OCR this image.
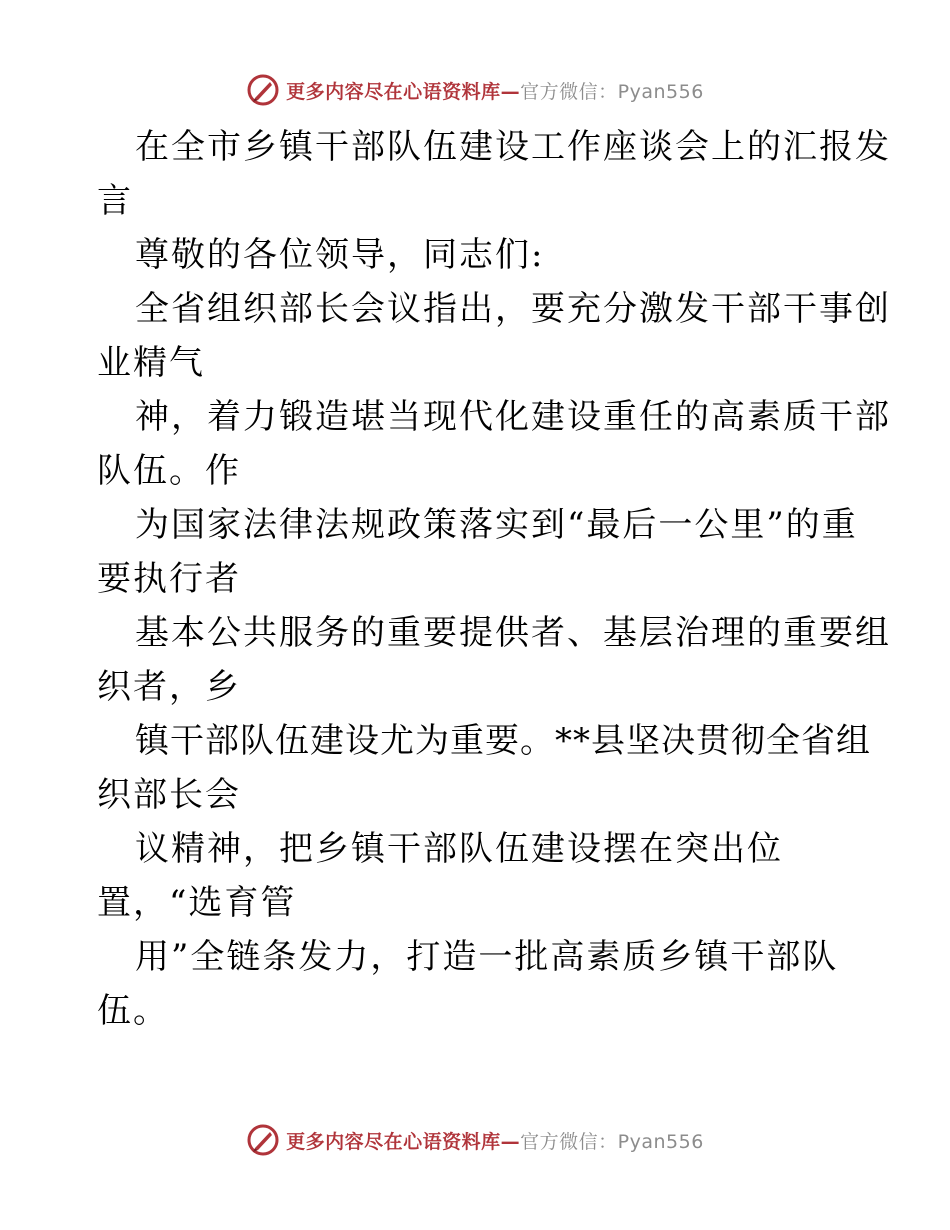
更多内容尽在心语资料库—官方微信：Pyan556
在全市乡镇干部队伍建设工作座谈会上的汇报发
言
尊敬的各位领导，同志们:
全省组织部长会议指出，要充分激发干部干事创
业精气
神，着力锻造堪当现代化建设重任的高素质干部
队伍。作
为国家法律法规政策落实到“最后一公里”的重
要执行者
基本公共服务的重要提供者、基层治理的重要组
织者，乡
镇干部队伍建设尤为重要。**县坚决贯彻全省组
织部长会
议精神，把乡镇干部队伍建设摆在突出位
置，“选育管
用”全链条发力，打造一批高素质乡镇干部队
伍。
更多内容尽在心语资料库—官方微信：Pyan556
